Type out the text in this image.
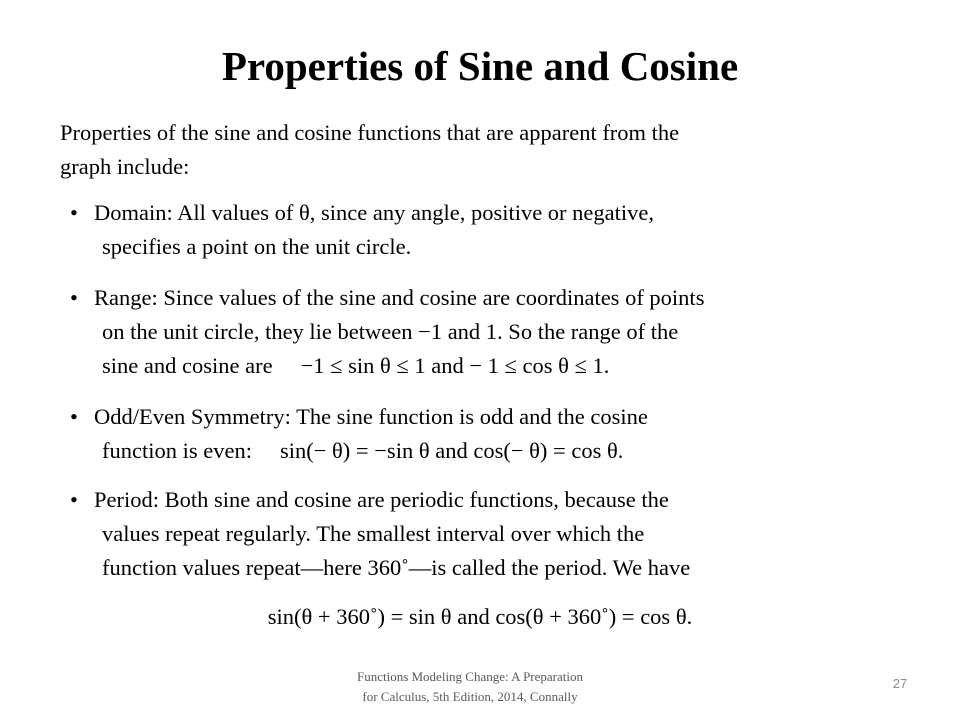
Properties of Sine and Cosine
Properties of the sine and cosine functions that are apparent from the
graph include:
• Domain: All values of θ, since any angle, positive or negative,
specifies a point on the unit circle.
• Range: Since values of the sine and cosine are coordinates of points
on the unit circle, they lie between −1 and 1. So the range of the
sine and cosine are −1 ≤ sin θ ≤ 1 and − 1 ≤ cos θ ≤ 1.
• Odd/Even Symmetry: The sine function is odd and the cosine
function is even: sin(− θ) = −sin θ and cos(− θ) = cos θ.
• Period: Both sine and cosine are periodic functions, because the
values repeat regularly. The smallest interval over which the
function values repeat—here 360˚—is called the period. We have
sin(θ + 360˚) = sin θ and cos(θ + 360˚) = cos θ.
Functions Modeling Change: A Preparation
for Calculus, 5th Edition, 2014, Connally
27
